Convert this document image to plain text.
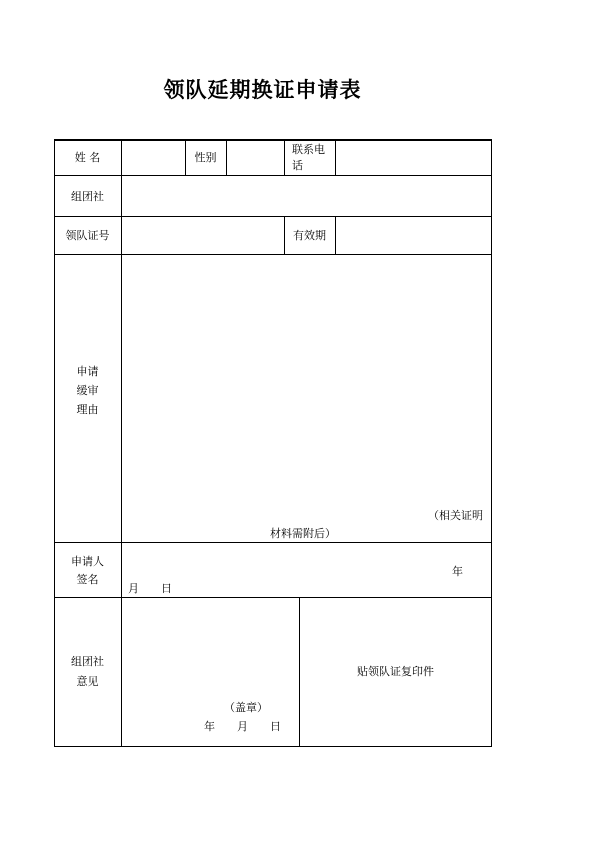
领队延期换证申请表
姓 名	性别
联系电
话
组团社
领队证号	有效期
申请
缓审
理由
（相关证明
材料需附后）
申请人
签名
年
月　　日
组团社
意见
（盖章）
年　　月　　日
贴领队证复印件
